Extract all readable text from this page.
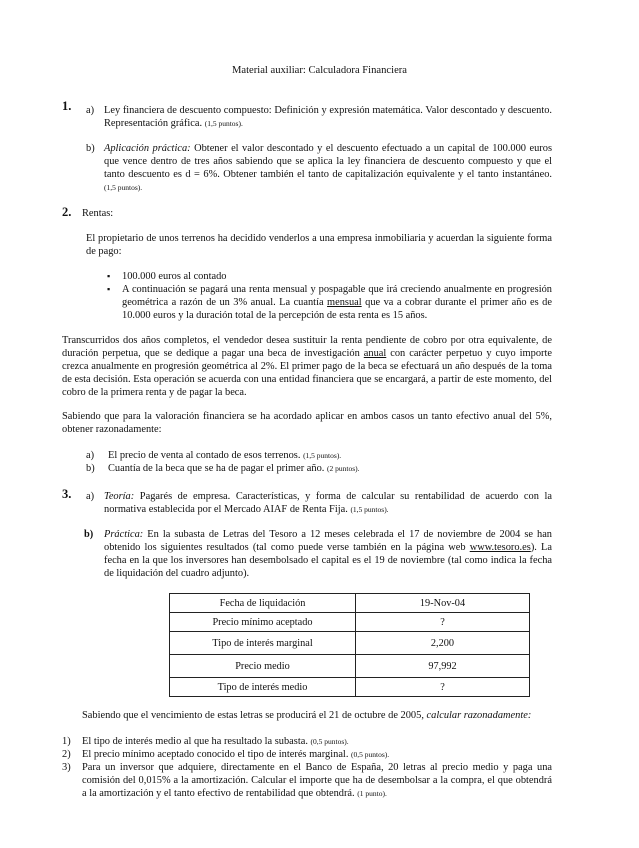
Material auxiliar: Calculadora Financiera
1. a) Ley financiera de descuento compuesto: Definición y expresión matemática. Valor descontado y descuento. Representación gráfica. (1,5 puntos).
b) Aplicación práctica: Obtener el valor descontado y el descuento efectuado a un capital de 100.000 euros que vence dentro de tres años sabiendo que se aplica la ley financiera de descuento compuesto y que el tanto descuento es d = 6%. Obtener también el tanto de capitalización equivalente y el tanto instantáneo. (1,5 puntos).
2. Rentas:
El propietario de unos terrenos ha decidido venderlos a una empresa inmobiliaria y acuerdan la siguiente forma de pago:
▪ 100.000 euros al contado
▪ A continuación se pagará una renta mensual y pospagable que irá creciendo anualmente en progresión geométrica a razón de un 3% anual. La cuantía mensual que va a cobrar durante el primer año es de 10.000 euros y la duración total de la percepción de esta renta es 15 años.
Transcurridos dos años completos, el vendedor desea sustituir la renta pendiente de cobro por otra equivalente, de duración perpetua, que se dedique a pagar una beca de investigación anual con carácter perpetuo y cuyo importe crezca anualmente en progresión geométrica al 2%. El primer pago de la beca se efectuará un año después de la toma de esta decisión. Esta operación se acuerda con una entidad financiera que se encargará, a partir de este momento, del cobro de la primera renta y de pagar la beca.
Sabiendo que para la valoración financiera se ha acordado aplicar en ambos casos un tanto efectivo anual del 5%, obtener razonadamente:
a) El precio de venta al contado de esos terrenos. (1,5 puntos).
b) Cuantía de la beca que se ha de pagar el primer año. (2 puntos).
3. a) Teoría: Pagarés de empresa. Características, y forma de calcular su rentabilidad de acuerdo con la normativa establecida por el Mercado AIAF de Renta Fija. (1,5 puntos).
b) Práctica: En la subasta de Letras del Tesoro a 12 meses celebrada el 17 de noviembre de 2004 se han obtenido los siguientes resultados (tal como puede verse también en la página web www.tesoro.es). La fecha en la que los inversores han desembolsado el capital es el 19 de noviembre (tal como indica la fecha de liquidación del cuadro adjunto).
Fecha de liquidación	19-Nov-04
Precio mínimo aceptado	?
Tipo de interés marginal	2,200
Precio medio	97,992
Tipo de interés medio	?
Sabiendo que el vencimiento de estas letras se producirá el 21 de octubre de 2005, calcular razonadamente:
1) El tipo de interés medio al que ha resultado la subasta. (0,5 puntos).
2) El precio mínimo aceptado conocido el tipo de interés marginal. (0,5 puntos).
3) Para un inversor que adquiere, directamente en el Banco de España, 20 letras al precio medio y paga una comisión del 0,015% a la amortización. Calcular el importe que ha de desembolsar a la compra, el que obtendrá a la amortización y el tanto efectivo de rentabilidad que obtendrá. (1 punto).
